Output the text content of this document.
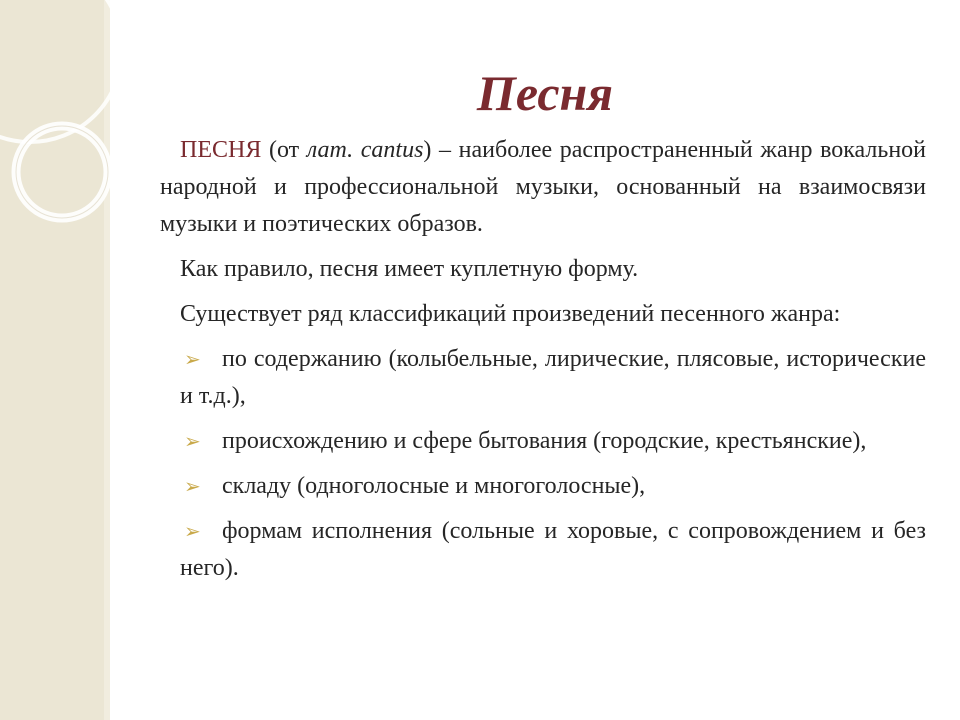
Песня

ПЕСНЯ (от лат. cantus) – наиболее распространенный жанр вокальной народной и профессиональной музыки, основанный на взаимосвязи музыки и поэтических образов.

Как правило, песня имеет куплетную форму.

Существует ряд классификаций произведений песенного жанра:

➢ по содержанию (колыбельные, лирические, плясовые, исторические и т.д.),
➢ происхождению и сфере бытования (городские, крестьянские),
➢ складу (одноголосные и многоголосные),
➢ формам исполнения (сольные и хоровые, с сопровождением и без него).
